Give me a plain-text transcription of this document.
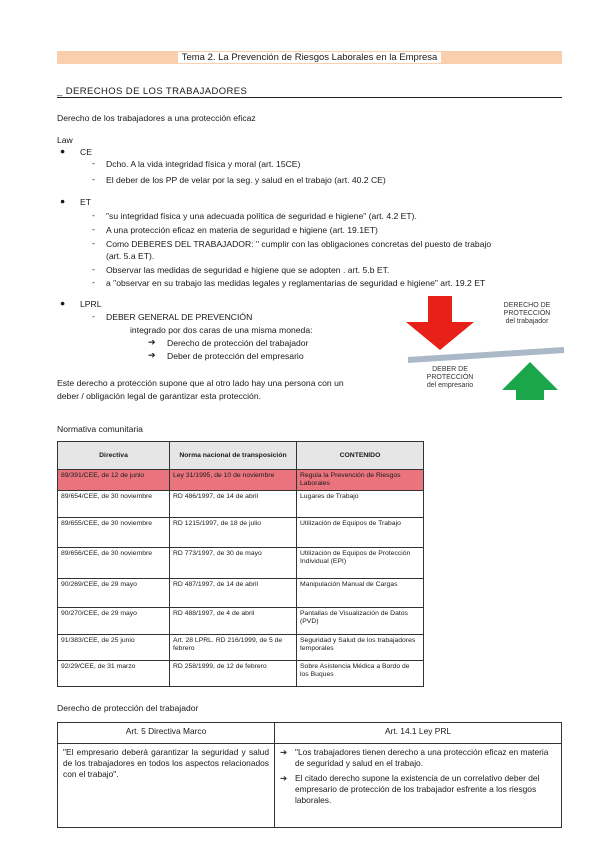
Tema 2. La Prevención de Riesgos Laborales en la Empresa
_ DERECHOS DE LOS TRABAJADORES
Derecho de los trabajadores a una protección eficaz
Law
● CE
- Dcho. A la vida integridad física y moral (art. 15CE)
- El deber de los PP de velar por la seg. y salud en el trabajo (art. 40.2 CE)
● ET
- "su integridad física y una adecuada política de seguridad e higiene" (art. 4.2 ET).
- A una protección eficaz en materia de seguridad e higiene (art. 19.1ET)
- Como DEBERES DEL TRABAJADOR: " cumplir con las obligaciones concretas del puesto de trabajo
(art. 5.a ET).
- Observar las medidas de seguridad e higiene que se adopten . art. 5.b ET.
- a "observar en su trabajo las medidas legales y reglamentarias de seguridad e higiene" art. 19.2 ET
● LPRL
- DEBER GENERAL DE PREVENCIÓN
integrado por dos caras de una misma moneda:
➔ Derecho de protección del trabajador
➔ Deber de protección del empresario
DERECHO DE
PROTECCIÓN
del trabajador
DEBER DE
PROTECCIÓN
del empresario
Este derecho a protección supone que al otro lado hay una persona con un
deber / obligación legal de garantizar esta protección.
Normativa comunitaria
Directiva	Norma nacional de transposición	CONTENIDO
89/391/CEE, de 12 de junio	Ley 31/1995, de 10 de noviembre	Regula la Prevención de Riesgos Laborales
89/654/CEE, de 30 noviembre	RD 486/1997, de 14 de abril	Lugares de Trabajo
89/655/CEE, de 30 noviembre	RD 1215/1997, de 18 de julio	Utilización de Equipos de Trabajo
89/656/CEE, de 30 noviembre	RD 773/1997, de 30 de mayo	Utilización de Equipos de Protección Individual (EPI)
90/269/CEE, de 29 mayo	RD 487/1997, de 14 de abril	Manipulación Manual de Cargas
90/270/CEE, de 29 mayo	RD 488/1997, de 4 de abril	Pantallas de Visualización de Datos (PVD)
91/383/CEE, de 25 junio	Art. 28 LPRL. RD 216/1999, de 5 de febrero	Seguridad y Salud de los trabajadores temporales
92/29/CEE, de 31 marzo	RD 258/1999, de 12 de febrero	Sobre Asistencia Médica a Bordo de los Buques
Derecho de protección del trabajador
Art. 5 Directiva Marco	Art. 14.1 Ley PRL
"El empresario deberá garantizar la seguridad y salud de los trabajadores en todos los aspectos relacionados con el trabajo".	➔ "Los trabajadores tienen derecho a una protección eficaz en materia de seguridad y salud en el trabajo.
➔ El citado derecho supone la existencia de un correlativo deber del empresario de protección de los trabajador esfrente a los riesgos laborales.
